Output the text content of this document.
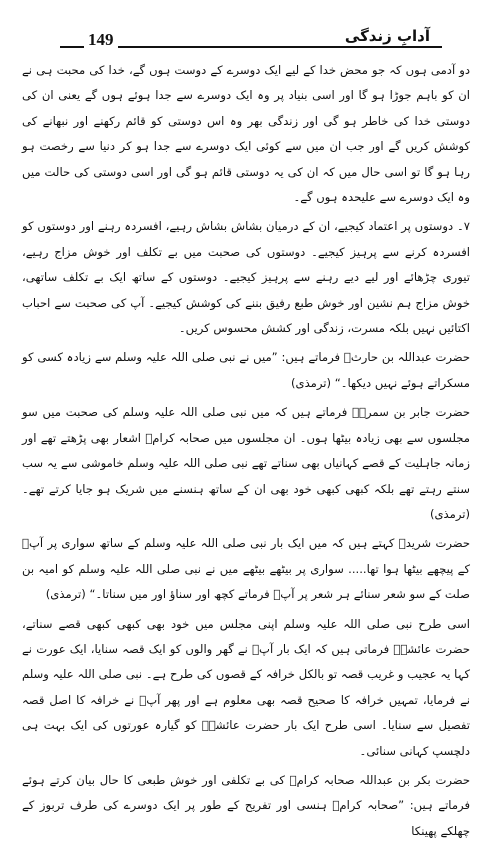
149	آدابِ زندگی

دو آدمی ہوں کہ جو محض خدا کے لیے ایک دوسرے کے دوست ہوں گے، خدا کی محبت ہی نے ان کو باہم جوڑا ہو گا اور اسی بنیاد پر وہ ایک دوسرے سے جدا ہوئے ہوں گے یعنی ان کی دوستی خدا کی خاطر ہو گی اور زندگی بھر وہ اس دوستی کو قائم رکھنے اور نبھانے کی کوشش کریں گے اور جب ان میں سے کوئی ایک دوسرے سے جدا ہو کر دنیا سے رخصت ہو رہا ہو گا تو اسی حال میں کہ ان کی یہ دوستی قائم ہو گی اور اسی دوستی کی حالت میں وہ ایک دوسرے سے علیحدہ ہوں گے۔

۷۔ دوستوں پر اعتماد کیجیے، ان کے درمیان بشاش بشاش رہیے، افسردہ رہنے اور دوستوں کو افسردہ کرنے سے پرہیز کیجیے۔ دوستوں کی صحبت میں بے تکلف اور خوش مزاج رہیے، تیوری چڑھائے اور لیے دیے رہنے سے پرہیز کیجیے۔ دوستوں کے ساتھ ایک بے تکلف ساتھی، خوش مزاج ہم نشین اور خوش طبع رفیق بننے کی کوشش کیجیے۔ آپ کی صحبت سے احباب اکتائیں نہیں بلکہ مسرت، زندگی اور کشش محسوس کریں۔

حضرت عبداللہ بن حارثؓ فرماتے ہیں: ”میں نے نبی صلی اللہ علیہ وسلم سے زیادہ کسی کو مسکراتے ہوئے نہیں دیکھا۔“ (ترمذی)

حضرت جابر بن سمرہؓ فرماتے ہیں کہ میں نبی صلی اللہ علیہ وسلم کی صحبت میں سو مجلسوں سے بھی زیادہ بیٹھا ہوں۔ ان مجلسوں میں صحابہ کرامؓ اشعار بھی پڑھتے تھے اور زمانہ جاہلیت کے قصے کہانیاں بھی سناتے تھے نبی صلی اللہ علیہ وسلم خاموشی سے یہ سب سنتے رہتے تھے بلکہ کبھی کبھی خود بھی ان کے ساتھ ہنسنے میں شریک ہو جایا کرتے تھے۔ (ترمذی)

حضرت شریدؓ کہتے ہیں کہ میں ایک بار نبی صلی اللہ علیہ وسلم کے ساتھ سواری پر آپؐ کے پیچھے بیٹھا ہوا تھا..... سواری پر بیٹھے بیٹھے میں نے نبی صلی اللہ علیہ وسلم کو امیہ بن صلت کے سو شعر سنائے ہر شعر پر آپؐ فرماتے کچھ اور سناؤ اور میں سناتا۔“ (ترمذی)

اسی طرح نبی صلی اللہ علیہ وسلم اپنی مجلس میں خود بھی کبھی کبھی قصے سناتے، حضرت عائشہؓ فرماتی ہیں کہ ایک بار آپؐ نے گھر والوں کو ایک قصہ سنایا، ایک عورت نے کہا یہ عجیب و غریب قصہ تو بالکل خرافہ کے قصوں کی طرح ہے۔ نبی صلی اللہ علیہ وسلم نے فرمایا، تمہیں خرافہ کا صحیح قصہ بھی معلوم ہے اور پھر آپؐ نے خرافہ کا اصل قصہ تفصیل سے سنایا۔ اسی طرح ایک بار حضرت عائشہؓ کو گیارہ عورتوں کی ایک بہت ہی دلچسپ کہانی سنائی۔

حضرت بکر بن عبداللہ صحابہ کرامؓ کی بے تکلفی اور خوش طبعی کا حال بیان کرتے ہوئے فرماتے ہیں: ”صحابہ کرامؓ ہنسی اور تفریح کے طور پر ایک دوسرے کی طرف تربوز کے چھلکے پھینکا
